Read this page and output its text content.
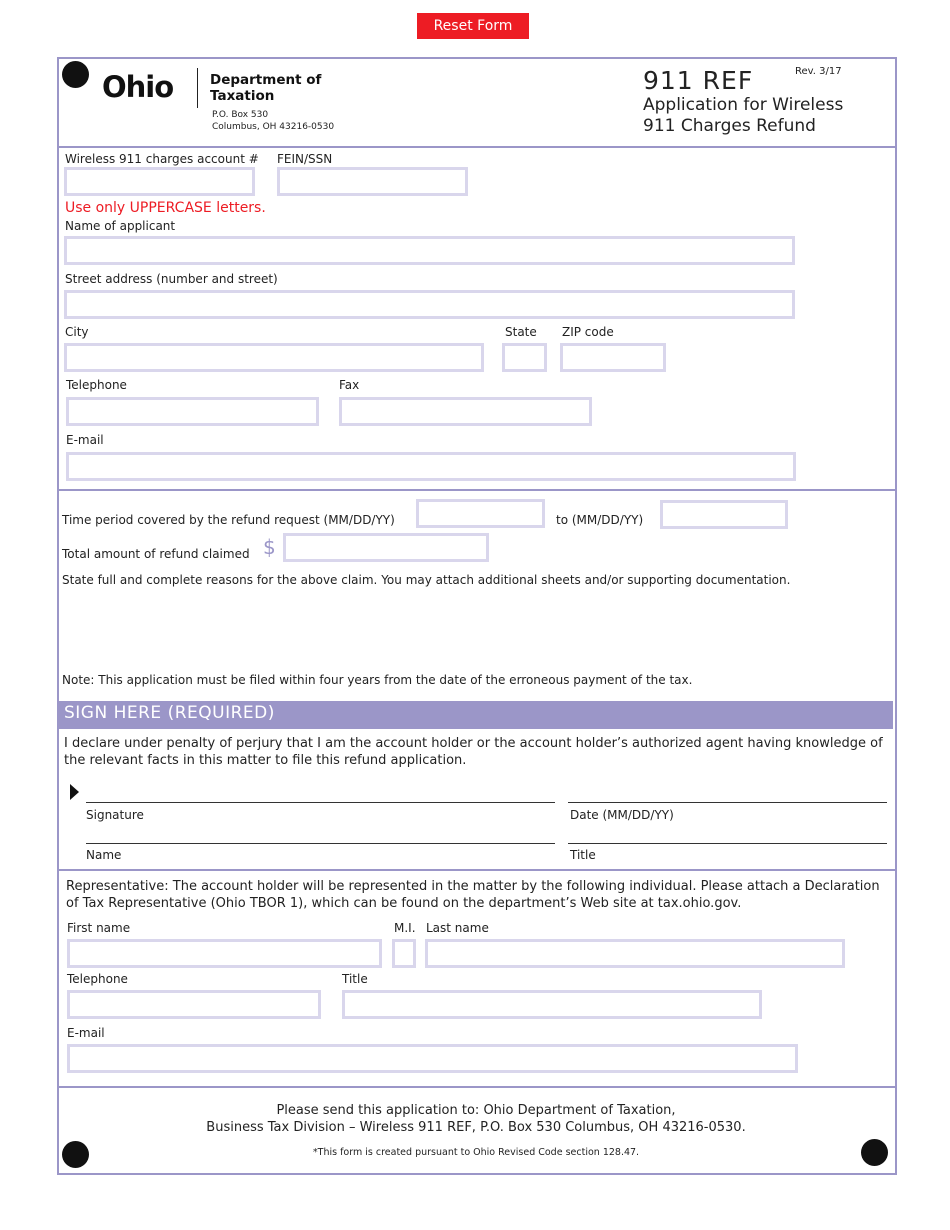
Reset Form
Ohio	Department of
Taxation
P.O. Box 530
Columbus, OH 43216-0530
911 REF	Rev. 3/17
Application for Wireless
911 Charges Refund
Wireless 911 charges account # FEIN/SSN
Use only UPPERCASE letters.
Name of applicant
Street address (number and street)
City	State ZIP code
Telephone	Fax
E-mail
Time period covered by the refund request (MM/DD/YY)	to (MM/DD/YY)
Total amount of refund claimed $
State full and complete reasons for the above claim. You may attach additional sheets and/or supporting documentation.
Note: This application must be filed within four years from the date of the erroneous payment of the tax.
SIGN HERE (REQUIRED)
I declare under penalty of perjury that I am the account holder or the account holder’s authorized agent having knowledge of the relevant facts in this matter to file this refund application.
Signature	Date (MM/DD/YY)
Name	Title
Representative: The account holder will be represented in the matter by the following individual. Please attach a Declaration of Tax Representative (Ohio TBOR 1), which can be found on the department’s Web site at tax.ohio.gov.
First name	M.I. Last name
Telephone	Title
E-mail
Please send this application to: Ohio Department of Taxation,
Business Tax Division – Wireless 911 REF, P.O. Box 530 Columbus, OH 43216-0530.
*This form is created pursuant to Ohio Revised Code section 128.47.
